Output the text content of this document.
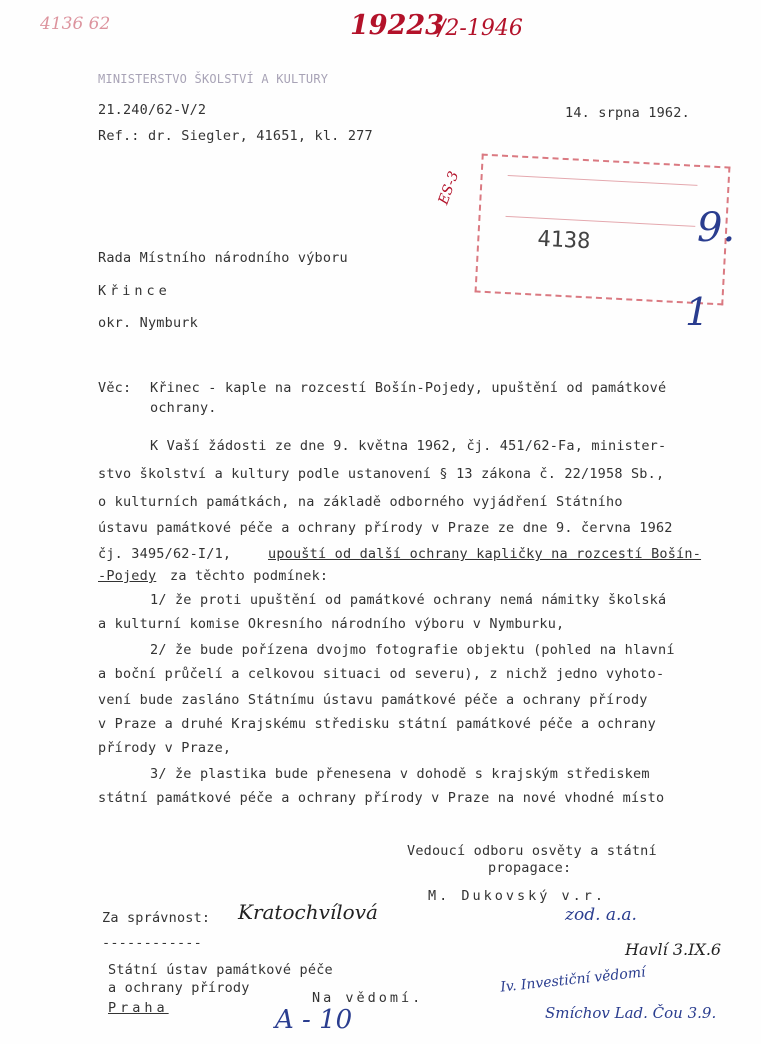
4136 62	19223
/2-1946
MINISTERSTVO ŠKOLSTVÍ A KULTURY
21.240/62-V/2
Ref.: dr. Siegler, 41651, kl. 277
14. srpna 1962.
4138
ES-3
9.
1
Rada Místního národního výboru
Křince
okr. Nymburk
Věc: Křinec - kaple na rozcestí Bošín-Pojedy, upuštění od památkové
ochrany.
K Vaší žádosti ze dne 9. května 1962, čj. 451/62-Fa, minister-
stvo školství a kultury podle ustanovení § 13 zákona č. 22/1958 Sb.,
o kulturních památkách, na základě odborného vyjádření Státního
ústavu památkové péče a ochrany přírody v Praze ze dne 9. června 1962
čj. 3495/62-I/1,	upouští od další ochrany kapličky na rozcestí Bošín-
-Pojedy za těchto podmínek:
1/ že proti upuštění od památkové ochrany nemá námitky školská
a kulturní komise Okresního národního výboru v Nymburku,
2/ že bude pořízena dvojmo fotografie objektu (pohled na hlavní
a boční průčelí a celkovou situaci od severu), z nichž jedno vyhoto-
vení bude zasláno Státnímu ústavu památkové péče a ochrany přírody
v Praze a druhé Krajskému středisku státní památkové péče a ochrany
přírody v Praze,
3/ že plastika bude přenesena v dohodě s krajským střediskem
státní památkové péče a ochrany přírody v Praze na nové vhodné místo
Vedoucí odboru osvěty a státní
propagace:
M. Dukovský v.r.
Za správnost: Kratochvílová
------------
Státní ústav památkové péče
a ochrany přírody
Praha
Na vědomí.
zod. a.a.
Havlí 3.IX.6
Iv. Investiční vědomí
Smíchov Lad. Čou 3.9.
A - 10
